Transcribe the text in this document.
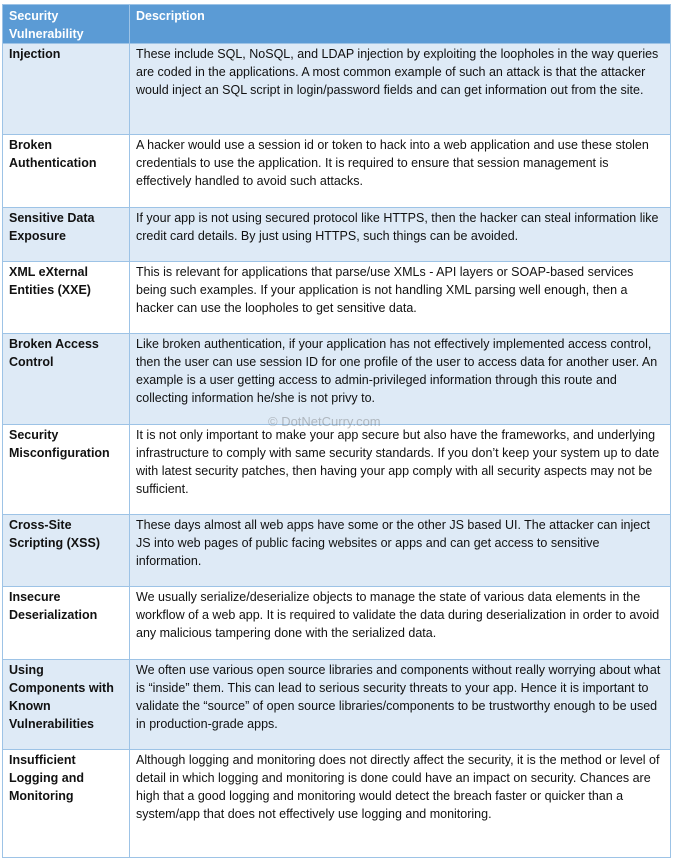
Security Vulnerability	Description
Injection	These include SQL, NoSQL, and LDAP injection by exploiting the loopholes in the way queries are coded in the applications. A most common example of such an attack is that the attacker would inject an SQL script in login/password fields and can get information out from the site.
Broken Authentication	A hacker would use a session id or token to hack into a web application and use these stolen credentials to use the application. It is required to ensure that session management is effectively handled to avoid such attacks.
Sensitive Data Exposure	If your app is not using secured protocol like HTTPS, then the hacker can steal information like credit card details. By just using HTTPS, such things can be avoided.
XML eXternal Entities (XXE)	This is relevant for applications that parse/use XMLs - API layers or SOAP-based services being such examples. If your application is not handling XML parsing well enough, then a hacker can use the loopholes to get sensitive data.
Broken Access Control	Like broken authentication, if your application has not effectively implemented access control, then the user can use session ID for one profile of the user to access data for another user. An example is a user getting access to admin-privileged information through this route and collecting information he/she is not privy to.
Security Misconfiguration	It is not only important to make your app secure but also have the frameworks, and underlying infrastructure to comply with same security standards. If you don’t keep your system up to date with latest security patches, then having your app comply with all security aspects may not be sufficient.
Cross-Site Scripting (XSS)	These days almost all web apps have some or the other JS based UI. The attacker can inject JS into web pages of public facing websites or apps and can get access to sensitive information.
Insecure Deserialization	We usually serialize/deserialize objects to manage the state of various data elements in the workflow of a web app. It is required to validate the data during deserialization in order to avoid any malicious tampering done with the serialized data.
Using Components with Known Vulnerabilities	We often use various open source libraries and components without really worrying about what is “inside” them. This can lead to serious security threats to your app. Hence it is important to validate the “source” of open source libraries/components to be trustworthy enough to be used in production-grade apps.
Insufficient Logging and Monitoring	Although logging and monitoring does not directly affect the security, it is the method or level of detail in which logging and monitoring is done could have an impact on security. Chances are high that a good logging and monitoring would detect the breach faster or quicker than a system/app that does not effectively use logging and monitoring.
© DotNetCurry.com
